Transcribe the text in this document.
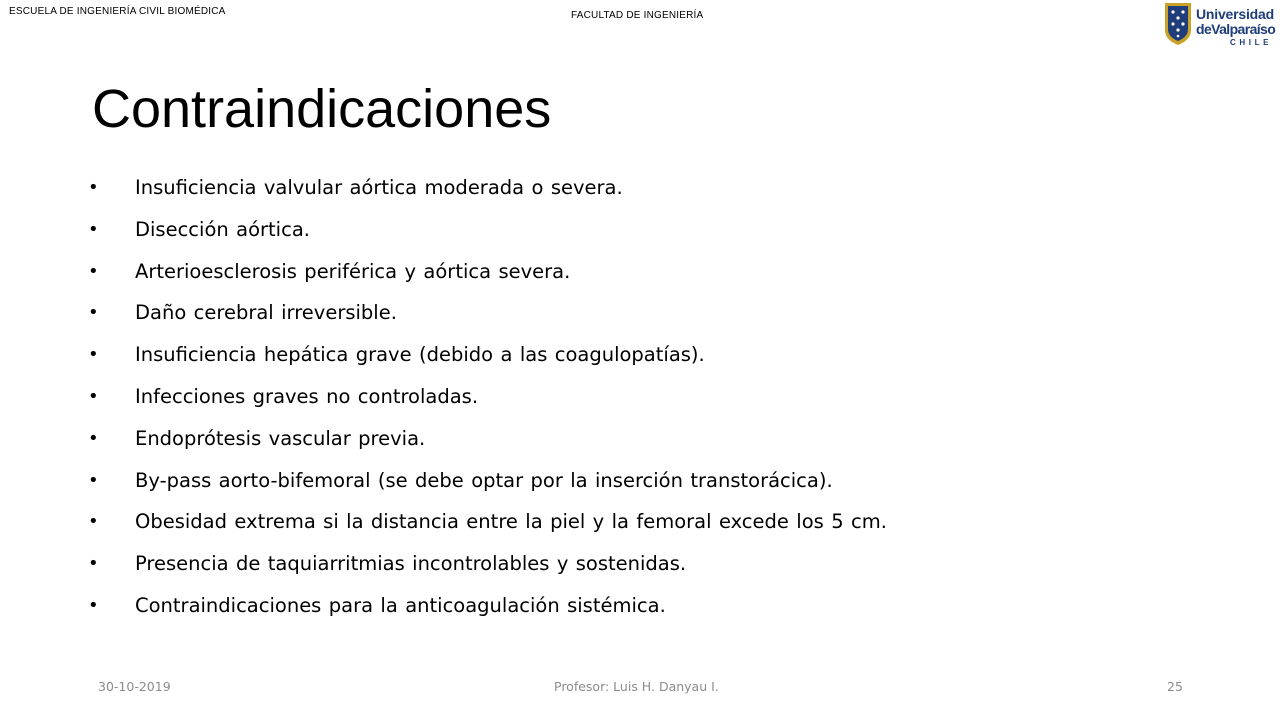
ESCUELA DE INGENIERÍA CIVIL BIOMÉDICA	FACULTAD DE INGENIERÍA	Universidad
deValparaíso
CHILE
Contraindicaciones
• Insuficiencia valvular aórtica moderada o severa.
• Disección aórtica.
• Arterioesclerosis periférica y aórtica severa.
• Daño cerebral irreversible.
• Insuficiencia hepática grave (debido a las coagulopatías).
• Infecciones graves no controladas.
• Endoprótesis vascular previa.
• By-pass aorto-bifemoral (se debe optar por la inserción transtorácica).
• Obesidad extrema si la distancia entre la piel y la femoral excede los 5 cm.
• Presencia de taquiarritmias incontrolables y sostenidas.
• Contraindicaciones para la anticoagulación sistémica.
30-10-2019	Profesor: Luis H. Danyau I.	25
